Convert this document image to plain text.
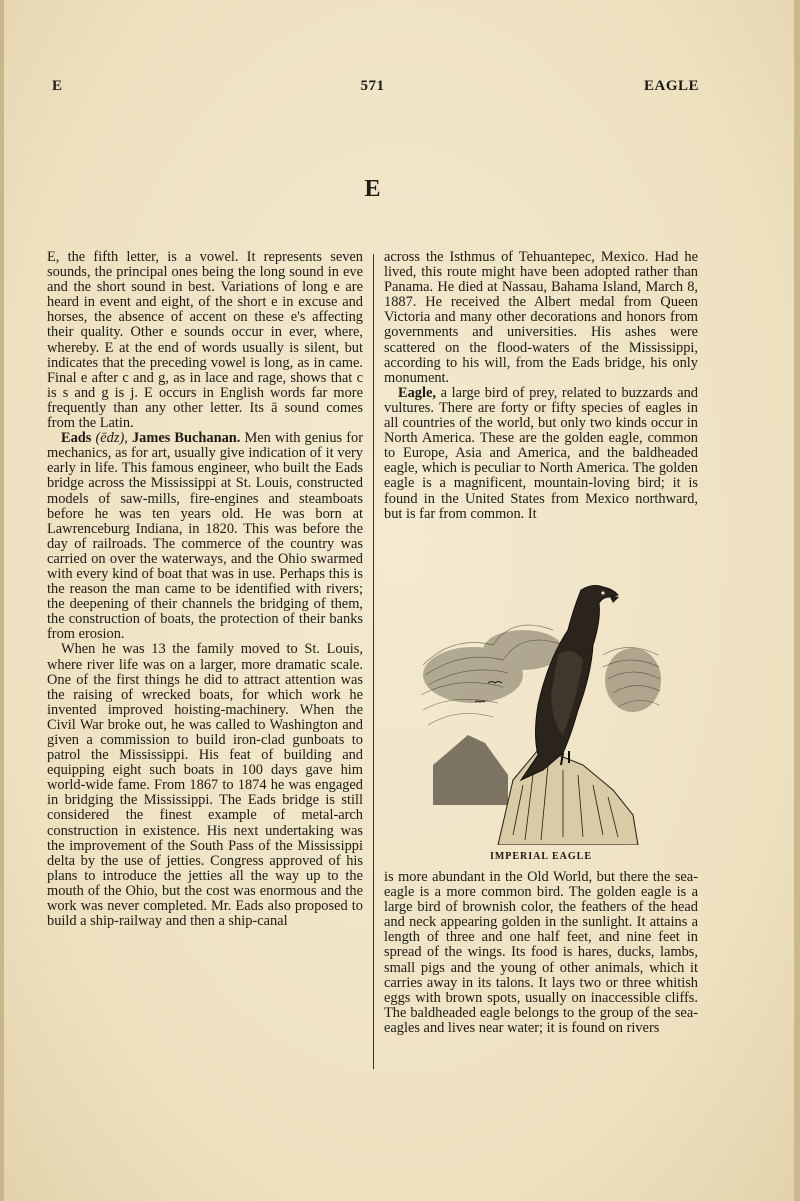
E	571	EAGLE
E

E, the fifth letter, is a vowel. It represents seven sounds, the principal ones being the long sound in eve and the short sound in best. Variations of long e are heard in event and eight, of the short e in excuse and horses, the absence of accent on these e's affecting their quality. Other e sounds occur in ever, where, whereby. E at the end of words usually is silent, but indicates that the preceding vowel is long, as in came. Final e after c and g, as in lace and rage, shows that c is s and g is j. E occurs in English words far more frequently than any other letter. Its ā sound comes from the Latin.

Eads (ēdz), James Buchanan. Men with genius for mechanics, as for art, usually give indication of it very early in life. This famous engineer, who built the Eads bridge across the Mississippi at St. Louis, constructed models of saw-mills, fire-engines and steamboats before he was ten years old. He was born at Lawrenceburg Indiana, in 1820. This was before the day of railroads. The commerce of the country was carried on over the waterways, and the Ohio swarmed with every kind of boat that was in use. Perhaps this is the reason the man came to be identified with rivers; the deepening of their channels the bridging of them, the construction of boats, the protection of their banks from erosion.

When he was 13 the family moved to St. Louis, where river life was on a larger, more dramatic scale. One of the first things he did to attract attention was the raising of wrecked boats, for which work he invented improved hoisting-machinery. When the Civil War broke out, he was called to Washington and given a commission to build iron-clad gunboats to patrol the Mississippi. His feat of building and equipping eight such boats in 100 days gave him world-wide fame. From 1867 to 1874 he was engaged in bridging the Mississippi. The Eads bridge is still considered the finest example of metal-arch construction in existence. His next undertaking was the improvement of the South Pass of the Mississippi delta by the use of jetties. Congress approved of his plans to introduce the jetties all the way up to the mouth of the Ohio, but the cost was enormous and the work was never completed. Mr. Eads also proposed to build a ship-railway and then a ship-canal

across the Isthmus of Tehuantepec, Mexico. Had he lived, this route might have been adopted rather than Panama. He died at Nassau, Bahama Island, March 8, 1887. He received the Albert medal from Queen Victoria and many other decorations and honors from governments and universities. His ashes were scattered on the flood-waters of the Mississippi, according to his will, from the Eads bridge, his only monument.

Eagle, a large bird of prey, related to buzzards and vultures. There are forty or fifty species of eagles in all countries of the world, but only two kinds occur in North America. These are the golden eagle, common to Europe, Asia and America, and the baldheaded eagle, which is peculiar to North America. The golden eagle is a magnificent, mountain-loving bird; it is found in the United States from Mexico northward, but is far from common. It

IMPERIAL EAGLE

is more abundant in the Old World, but there the sea-eagle is a more common bird. The golden eagle is a large bird of brownish color, the feathers of the head and neck appearing golden in the sunlight. It attains a length of three and one half feet, and nine feet in spread of the wings. Its food is hares, ducks, lambs, small pigs and the young of other animals, which it carries away in its talons. It lays two or three whitish eggs with brown spots, usually on inaccessible cliffs. The baldheaded eagle belongs to the group of the sea-eagles and lives near water; it is found on rivers
